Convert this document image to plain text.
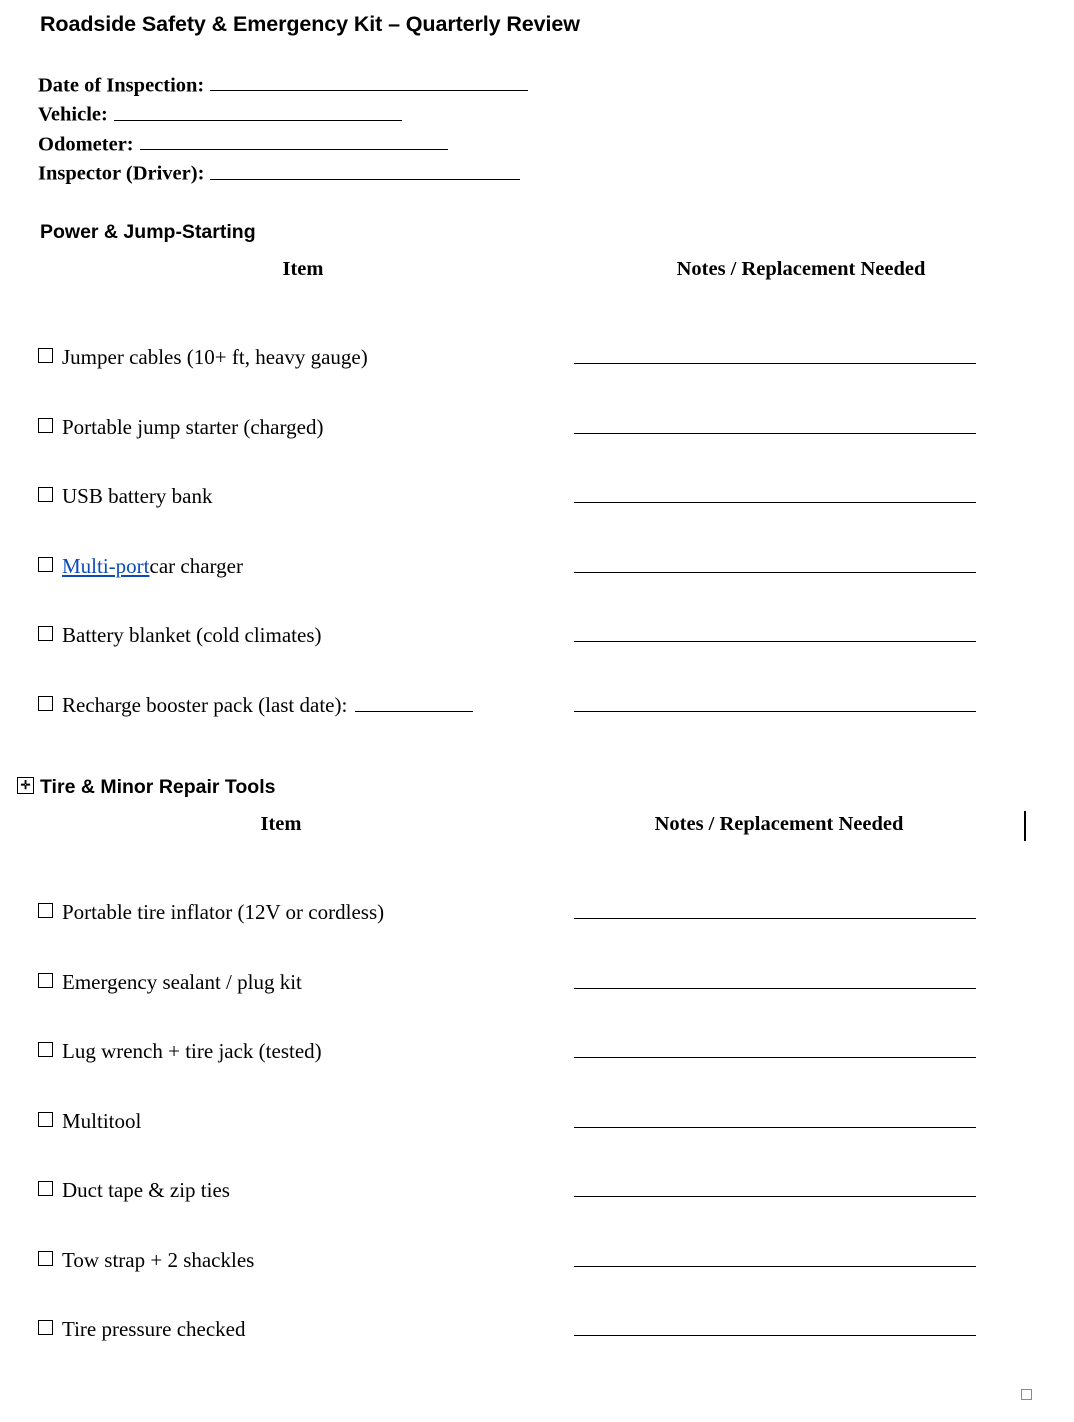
Roadside Safety & Emergency Kit – Quarterly Review
Date of Inspection:
Vehicle:
Odometer:
Inspector (Driver):
Power & Jump-Starting
Item	Notes / Replacement Needed
Jumper cables (10+ ft, heavy gauge)
Portable jump starter (charged)
USB battery bank
Multi-port car charger
Battery blanket (cold climates)
Recharge booster pack (last date):
✛ Tire & Minor Repair Tools
Item	Notes / Replacement Needed
Portable tire inflator (12V or cordless)
Emergency sealant / plug kit
Lug wrench + tire jack (tested)
Multitool
Duct tape & zip ties
Tow strap + 2 shackles
Tire pressure checked
